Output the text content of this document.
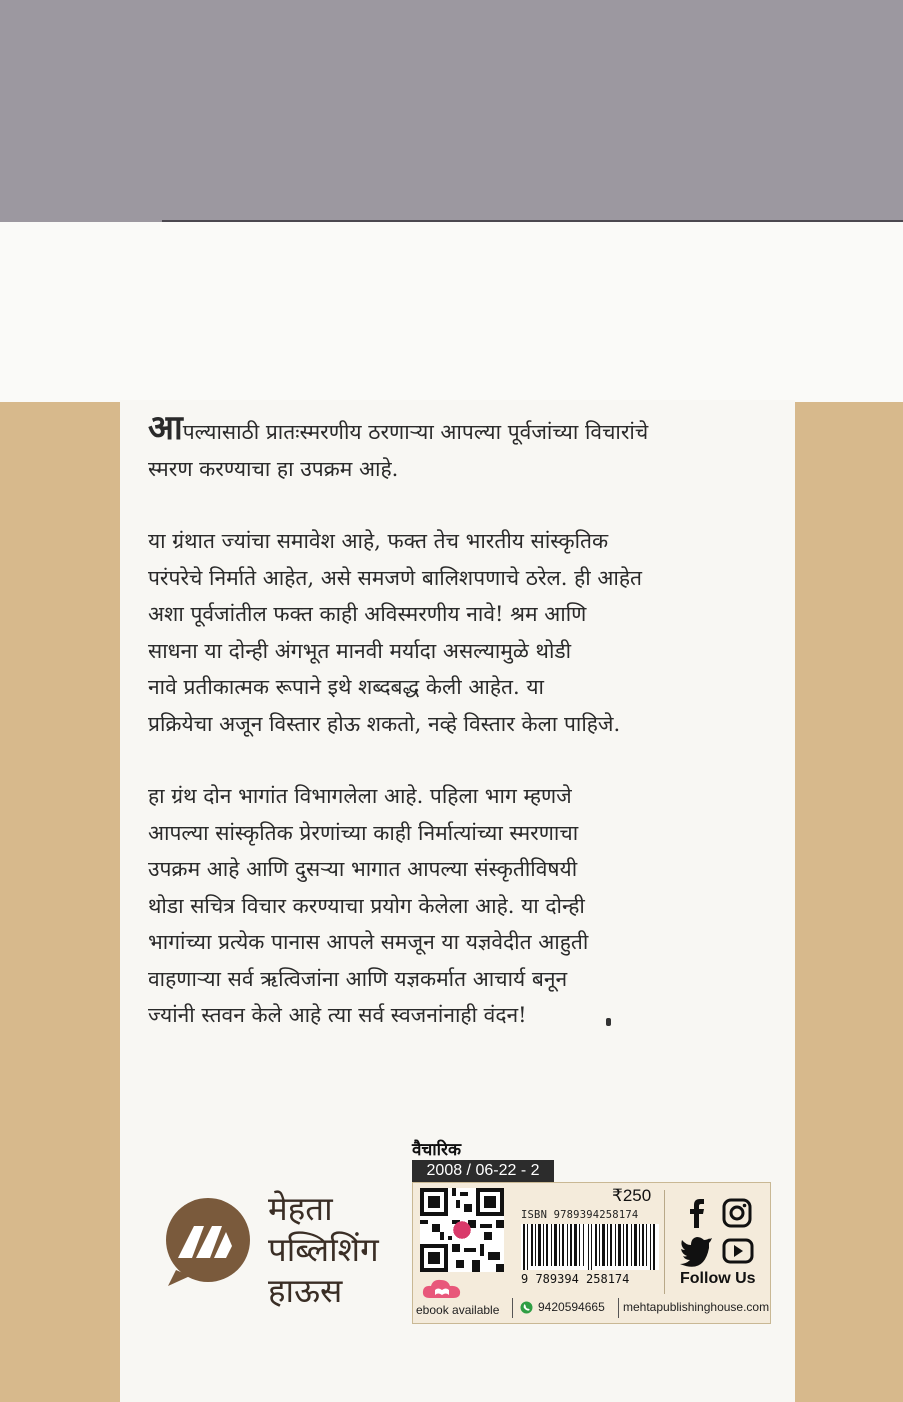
आपल्यासाठी प्रातःस्मरणीय ठरणाऱ्या आपल्या पूर्वजांच्या विचारांचे
स्मरण करण्याचा हा उपक्रम आहे.

या ग्रंथात ज्यांचा समावेश आहे, फक्त तेच भारतीय सांस्कृतिक
परंपरेचे निर्माते आहेत, असे समजणे बालिशपणाचे ठरेल. ही आहेत
अशा पूर्वजांतील फक्त काही अविस्मरणीय नावे! श्रम आणि
साधना या दोन्ही अंगभूत मानवी मर्यादा असल्यामुळे थोडी
नावे प्रतीकात्मक रूपाने इथे शब्दबद्ध केली आहेत. या
प्रक्रियेचा अजून विस्तार होऊ शकतो, नव्हे विस्तार केला पाहिजे.

हा ग्रंथ दोन भागांत विभागलेला आहे. पहिला भाग म्हणजे
आपल्या सांस्कृतिक प्रेरणांच्या काही निर्मात्यांच्या स्मरणाचा
उपक्रम आहे आणि दुसऱ्या भागात आपल्या संस्कृतीविषयी
थोडा सचित्र विचार करण्याचा प्रयोग केलेला आहे. या दोन्ही
भागांच्या प्रत्येक पानास आपले समजून या यज्ञवेदीत आहुती
वाहणाऱ्या सर्व ऋत्विजांना आणि यज्ञकर्मात आचार्य बनून
ज्यांनी स्तवन केले आहे त्या सर्व स्वजनांनाही वंदन!

मेहता
पब्लिशिंग
हाऊस
वैचारिक
2008 / 06-22 - 2
₹250
ISBN 9789394258174
9 789394 258174	Follow Us
ebook available	9420594665 mehtapublishinghouse.com
